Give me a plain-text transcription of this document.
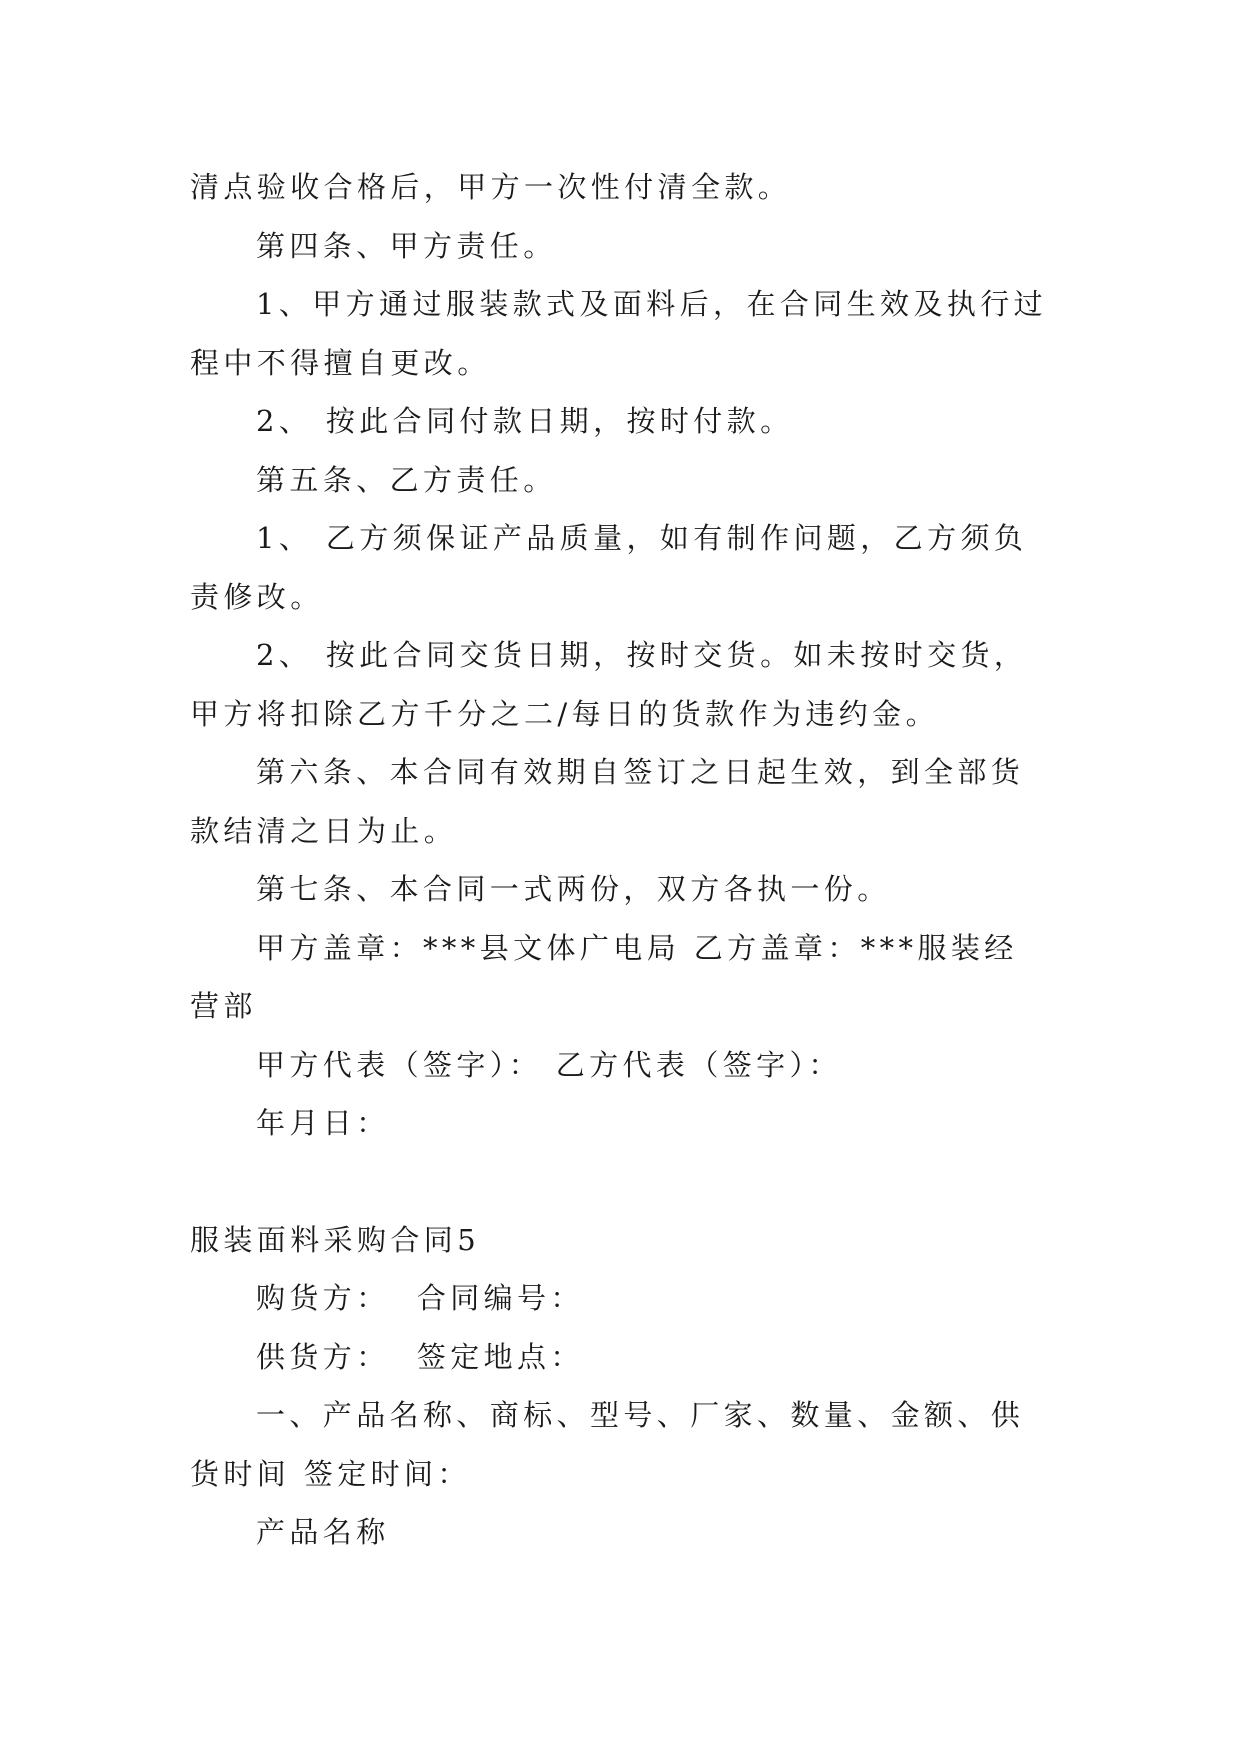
清点验收合格后，甲方一次性付清全款。

第四条、甲方责任。

1、甲方通过服装款式及面料后，在合同生效及执行过程中不得擅自更改。

2、 按此合同付款日期，按时付款。

第五条、乙方责任。

1、 乙方须保证产品质量，如有制作问题，乙方须负责修改。

2、 按此合同交货日期，按时交货。如未按时交货，甲方将扣除乙方千分之二/每日的货款作为违约金。

第六条、本合同有效期自签订之日起生效，到全部货款结清之日为止。

第七条、本合同一式两份，双方各执一份。

甲方盖章：***县文体广电局 乙方盖章：***服装经营部

甲方代表（签字）： 乙方代表（签字）：

年月日：

服装面料采购合同5

购货方：  合同编号：

供货方：  签定地点：

一、产品名称、商标、型号、厂家、数量、金额、供货时间 签定时间：

产品名称
